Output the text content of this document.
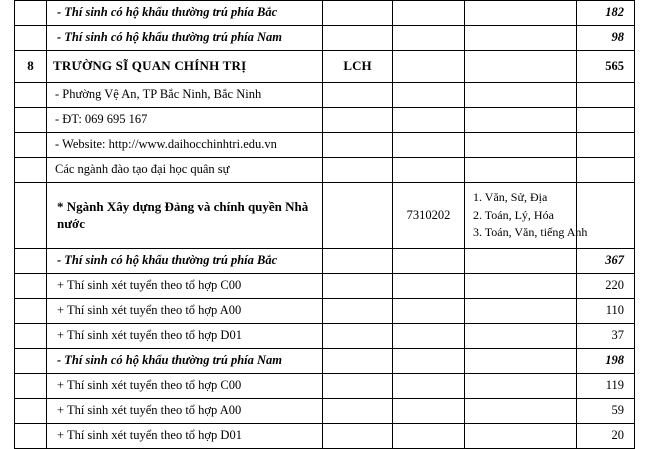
	- Thí sinh có hộ khẩu thường trú phía Bắc				182

	- Thí sinh có hộ khẩu thường trú phía Nam				98

8	TRƯỜNG SĨ QUAN CHÍNH TRỊ	LCH			565

	- Phường Vệ An, TP Bắc Ninh, Bắc Ninh				

	- ĐT: 069 695 167				

	- Website: http://www.daihocchinhtri.edu.vn				

	Các ngành đào tạo đại học quân sự				

	* Ngành Xây dựng Đảng và chính quyền Nhà nước		7310202	1. Văn, Sử, Địa
2. Toán, Lý, Hóa
3. Toán, Văn, tiếng Anh	

	- Thí sinh có hộ khẩu thường trú phía Bắc				367

	+ Thí sinh xét tuyển theo tổ hợp C00				220

	+ Thí sinh xét tuyển theo tổ hợp A00				110

	+ Thí sinh xét tuyển theo tổ hợp D01				37

	- Thí sinh có hộ khẩu thường trú phía Nam				198

	+ Thí sinh xét tuyển theo tổ hợp C00				119

	+ Thí sinh xét tuyển theo tổ hợp A00				59

	+ Thí sinh xét tuyển theo tổ hợp D01				20
